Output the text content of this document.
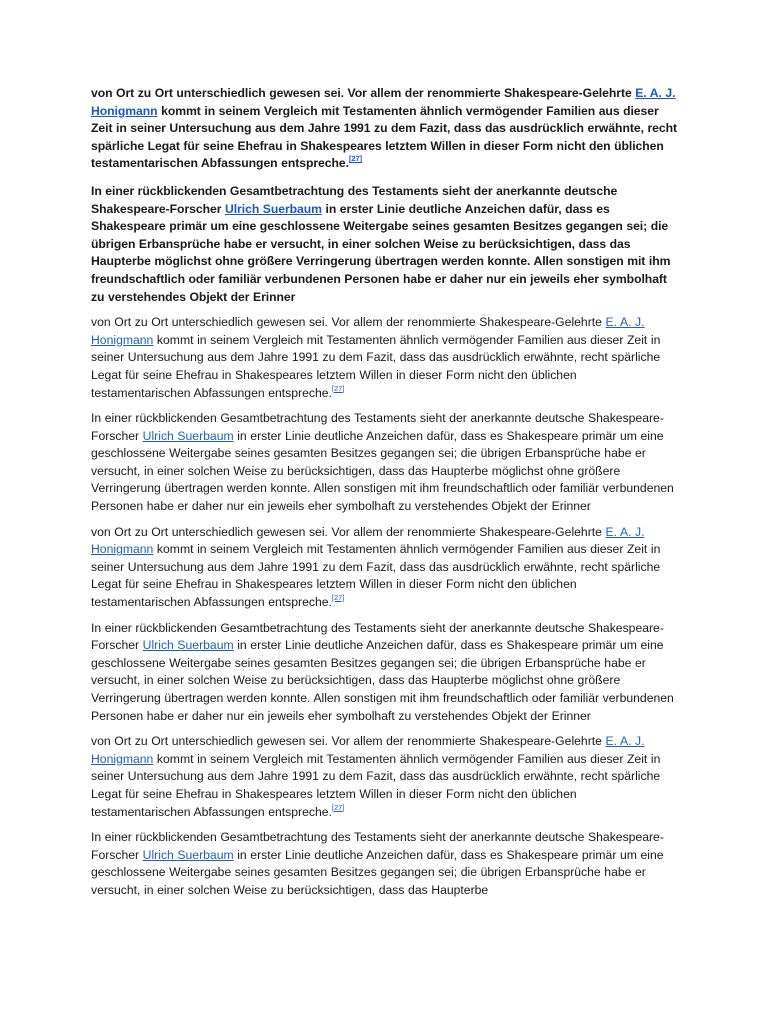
von Ort zu Ort unterschiedlich gewesen sei. Vor allem der renommierte Shakespeare-Gelehrte E. A. J. Honigmann kommt in seinem Vergleich mit Testamenten ähnlich vermögender Familien aus dieser Zeit in seiner Untersuchung aus dem Jahre 1991 zu dem Fazit, dass das ausdrücklich erwähnte, recht spärliche Legat für seine Ehefrau in Shakespeares letztem Willen in dieser Form nicht den üblichen testamentarischen Abfassungen entspreche.[27]

In einer rückblickenden Gesamtbetrachtung des Testaments sieht der anerkannte deutsche Shakespeare-Forscher Ulrich Suerbaum in erster Linie deutliche Anzeichen dafür, dass es Shakespeare primär um eine geschlossene Weitergabe seines gesamten Besitzes gegangen sei; die übrigen Erbansprüche habe er versucht, in einer solchen Weise zu berücksichtigen, dass das Haupterbe möglichst ohne größere Verringerung übertragen werden konnte. Allen sonstigen mit ihm freundschaftlich oder familiär verbundenen Personen habe er daher nur ein jeweils eher symbolhaft zu verstehendes Objekt der Erinner

von Ort zu Ort unterschiedlich gewesen sei. Vor allem der renommierte Shakespeare-Gelehrte E. A. J. Honigmann kommt in seinem Vergleich mit Testamenten ähnlich vermögender Familien aus dieser Zeit in seiner Untersuchung aus dem Jahre 1991 zu dem Fazit, dass das ausdrücklich erwähnte, recht spärliche Legat für seine Ehefrau in Shakespeares letztem Willen in dieser Form nicht den üblichen testamentarischen Abfassungen entspreche.[27]

In einer rückblickenden Gesamtbetrachtung des Testaments sieht der anerkannte deutsche Shakespeare-Forscher Ulrich Suerbaum in erster Linie deutliche Anzeichen dafür, dass es Shakespeare primär um eine geschlossene Weitergabe seines gesamten Besitzes gegangen sei; die übrigen Erbansprüche habe er versucht, in einer solchen Weise zu berücksichtigen, dass das Haupterbe möglichst ohne größere Verringerung übertragen werden konnte. Allen sonstigen mit ihm freundschaftlich oder familiär verbundenen Personen habe er daher nur ein jeweils eher symbolhaft zu verstehendes Objekt der Erinner

von Ort zu Ort unterschiedlich gewesen sei. Vor allem der renommierte Shakespeare-Gelehrte E. A. J. Honigmann kommt in seinem Vergleich mit Testamenten ähnlich vermögender Familien aus dieser Zeit in seiner Untersuchung aus dem Jahre 1991 zu dem Fazit, dass das ausdrücklich erwähnte, recht spärliche Legat für seine Ehefrau in Shakespeares letztem Willen in dieser Form nicht den üblichen testamentarischen Abfassungen entspreche.[27]

In einer rückblickenden Gesamtbetrachtung des Testaments sieht der anerkannte deutsche Shakespeare-Forscher Ulrich Suerbaum in erster Linie deutliche Anzeichen dafür, dass es Shakespeare primär um eine geschlossene Weitergabe seines gesamten Besitzes gegangen sei; die übrigen Erbansprüche habe er versucht, in einer solchen Weise zu berücksichtigen, dass das Haupterbe möglichst ohne größere Verringerung übertragen werden konnte. Allen sonstigen mit ihm freundschaftlich oder familiär verbundenen Personen habe er daher nur ein jeweils eher symbolhaft zu verstehendes Objekt der Erinner

von Ort zu Ort unterschiedlich gewesen sei. Vor allem der renommierte Shakespeare-Gelehrte E. A. J. Honigmann kommt in seinem Vergleich mit Testamenten ähnlich vermögender Familien aus dieser Zeit in seiner Untersuchung aus dem Jahre 1991 zu dem Fazit, dass das ausdrücklich erwähnte, recht spärliche Legat für seine Ehefrau in Shakespeares letztem Willen in dieser Form nicht den üblichen testamentarischen Abfassungen entspreche.[27]

In einer rückblickenden Gesamtbetrachtung des Testaments sieht der anerkannte deutsche Shakespeare-Forscher Ulrich Suerbaum in erster Linie deutliche Anzeichen dafür, dass es Shakespeare primär um eine geschlossene Weitergabe seines gesamten Besitzes gegangen sei; die übrigen Erbansprüche habe er versucht, in einer solchen Weise zu berücksichtigen, dass das Haupterbe
